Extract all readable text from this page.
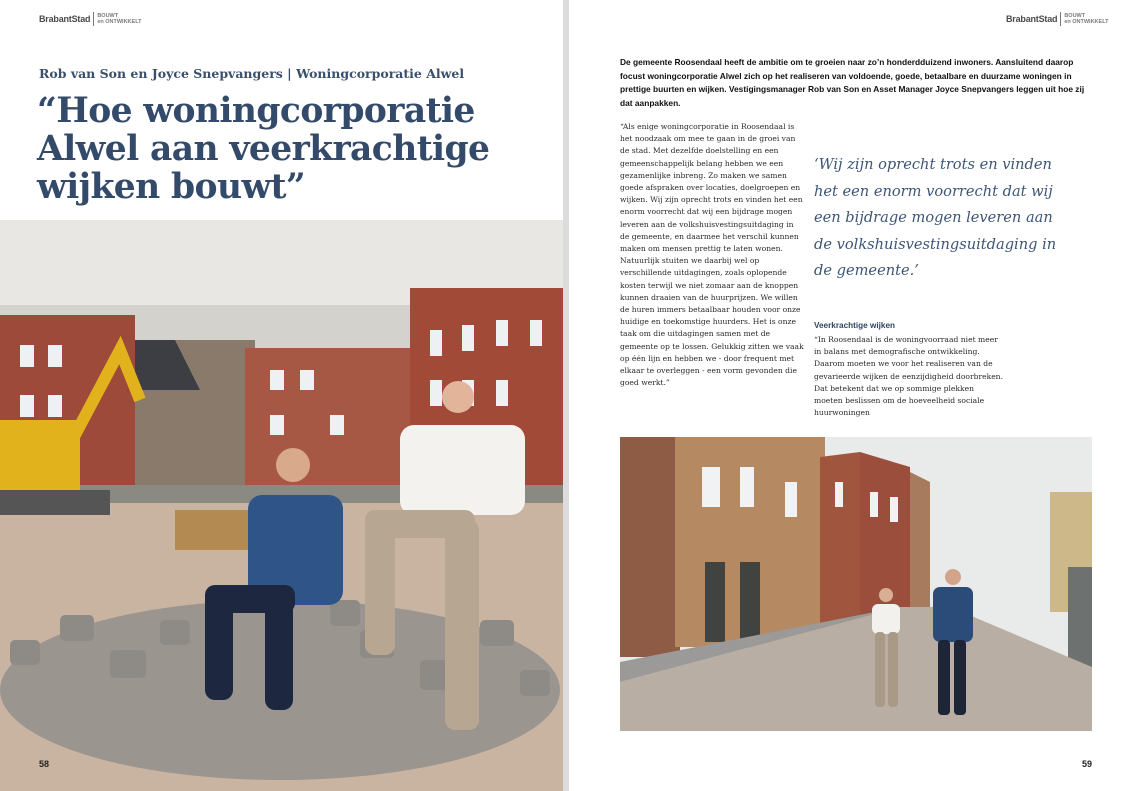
BrabantStad BOUWT
en ONTWIKKELT
Rob van Son en Joyce Snepvangers | Woningcorporatie Alwel
“Hoe woningcorporatie
Alwel aan veerkrachtige
wijken bouwt”
58
BrabantStad BOUWT
en ONTWIKKELT

De gemeente Roosendaal heeft de ambitie om te groeien naar zo’n honderdduizend inwoners. Aansluitend daarop focust woningcorporatie Alwel zich op het realiseren van voldoende, goede, betaalbare en duurzame woningen in prettige buurten en wijken. Vestigingsmanager Rob van Son en Asset Manager Joyce Snepvangers leggen uit hoe zij dat aanpakken.

“Als enige woningcorporatie in Roosendaal is het noodzaak om mee te gaan in de groei van de stad. Met dezelfde doelstelling en een gemeenschappelijk belang hebben we een gezamenlijke inbreng. Zo maken we samen goede afspraken over locaties, doelgroepen en wijken. Wij zijn oprecht trots en vinden het een enorm voorrecht dat wij een bijdrage mogen leveren aan de volkshuisvestingsuitdaging in de gemeente, en daarmee het verschil kunnen maken om mensen prettig te laten wonen. Natuurlijk stuiten we daarbij wel op verschillende uitdagingen, zoals oplopende kosten terwijl we niet zomaar aan de knoppen kunnen draaien van de huurprijzen. We willen de huren immers betaalbaar houden voor onze huidige en toekomstige huurders. Het is onze taak om die uitdagingen samen met de gemeente op te lossen. Gelukkig zitten we vaak op één lijn en hebben we - door frequent met elkaar te overleggen - een vorm gevonden die goed werkt.”

‘Wij zijn oprecht trots en vinden het een enorm voorrecht dat wij een bijdrage mogen leveren aan de volkshuisvestingsuitdaging in de gemeente.’

Veerkrachtige wijken

“In Roosendaal is de woningvoorraad niet meer in balans met demografische ontwikkeling. Daarom moeten we voor het realiseren van de gevarieerde wijken de eenzijdigheid doorbreken. Dat betekent dat we op sommige plekken moeten beslissen om de hoeveelheid sociale huurwoningen

59
